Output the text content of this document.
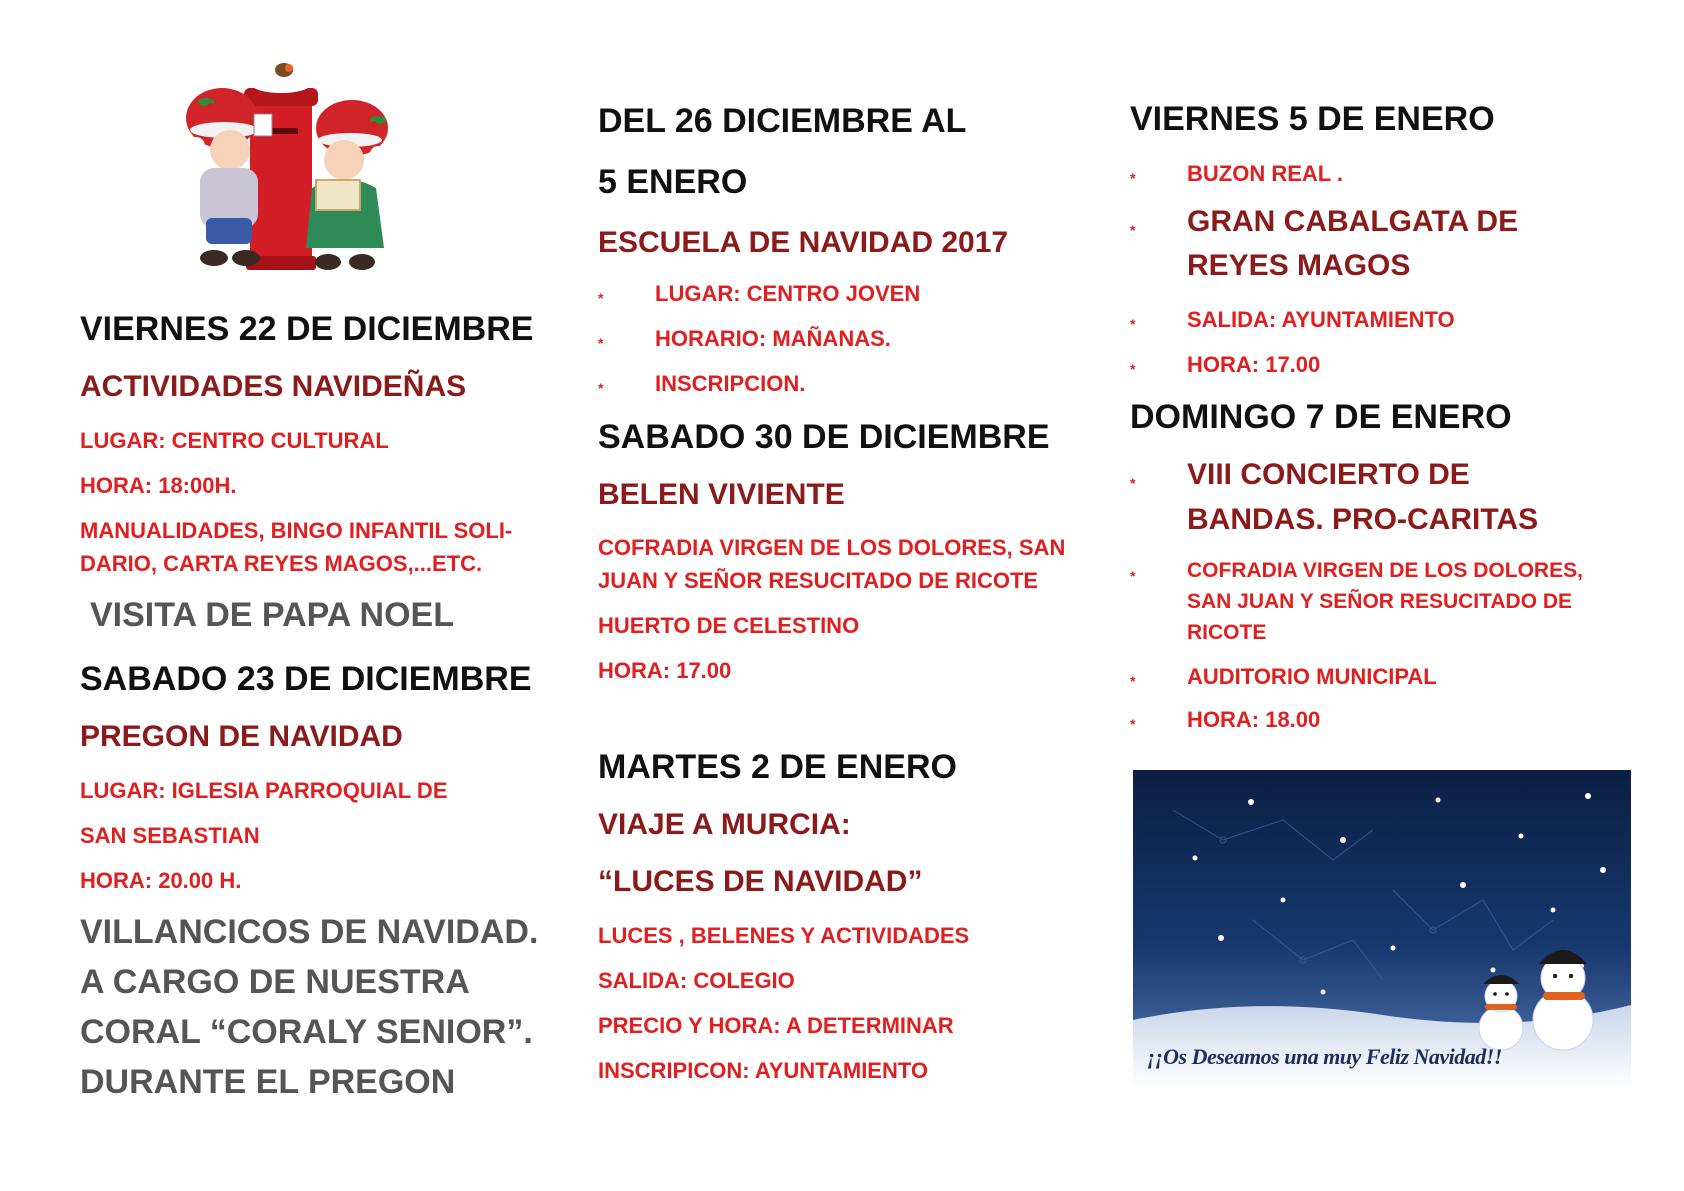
VIERNES 22 DE DICIEMBRE
ACTIVIDADES NAVIDEÑAS
LUGAR: CENTRO CULTURAL
HORA: 18:00H.
MANUALIDADES, BINGO INFANTIL SOLI-
DARIO, CARTA REYES MAGOS,...ETC.
VISITA DE PAPA NOEL
SABADO 23 DE DICIEMBRE
PREGON DE NAVIDAD
LUGAR: IGLESIA PARROQUIAL DE
SAN SEBASTIAN
HORA: 20.00 H.
VILLANCICOS DE NAVIDAD.
A CARGO DE NUESTRA
CORAL “CORALY SENIOR”.
DURANTE EL PREGON
DEL 26 DICIEMBRE AL
5 ENERO
ESCUELA DE NAVIDAD 2017
* LUGAR: CENTRO JOVEN
* HORARIO: MAÑANAS.
* INSCRIPCION.
SABADO 30 DE DICIEMBRE
BELEN VIVIENTE
COFRADIA VIRGEN DE LOS DOLORES, SAN
JUAN Y SEÑOR RESUCITADO DE RICOTE
HUERTO DE CELESTINO
HORA: 17.00
MARTES 2 DE ENERO
VIAJE A MURCIA:
“LUCES DE NAVIDAD”
LUCES , BELENES Y ACTIVIDADES
SALIDA: COLEGIO
PRECIO Y HORA: A DETERMINAR
INSCRIPICON: AYUNTAMIENTO
VIERNES 5 DE ENERO
* BUZON REAL .
* GRAN CABALGATA DE
REYES MAGOS
* SALIDA: AYUNTAMIENTO
* HORA: 17.00
DOMINGO 7 DE ENERO
* VIII CONCIERTO DE
BANDAS. PRO-CARITAS
* COFRADIA VIRGEN DE LOS DOLORES,
SAN JUAN Y SEÑOR RESUCITADO DE
RICOTE
* AUDITORIO MUNICIPAL
* HORA: 18.00
¡¡Os Deseamos una muy Feliz Navidad!!
